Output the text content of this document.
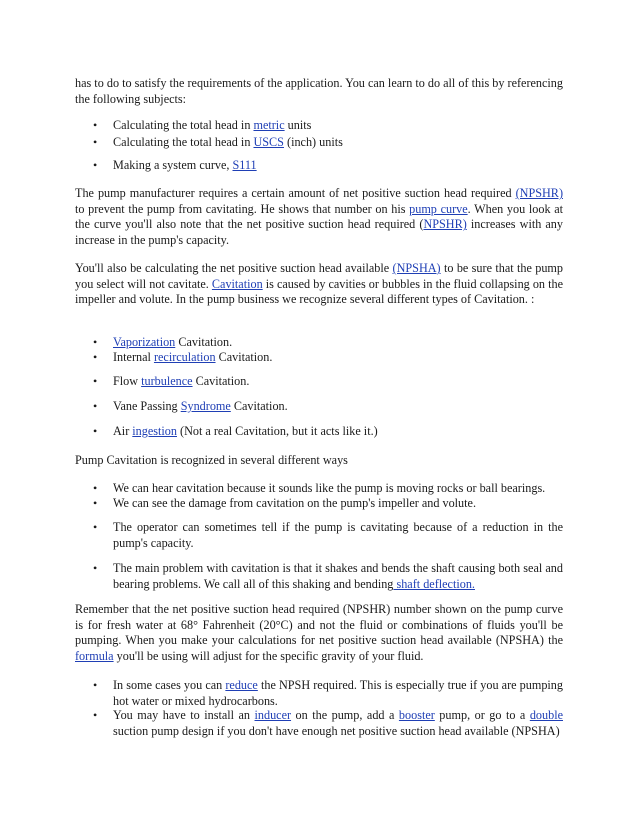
has to do to satisfy the requirements of the application. You can learn to do all of this by referencing the following subjects:

• Calculating the total head in metric units

• Calculating the total head in USCS (inch) units

• Making a system curve, S111

The pump manufacturer requires a certain amount of net positive suction head required (NPSHR) to prevent the pump from cavitating. He shows that number on his pump curve. When you look at the curve you'll also note that the net positive suction head required (NPSHR) increases with any increase in the pump's capacity.

You'll also be calculating the net positive suction head available (NPSHA) to be sure that the pump you select will not cavitate. Cavitation is caused by cavities or bubbles in the fluid collapsing on the impeller and volute. In the pump business we recognize several different types of Cavitation. :

• Vaporization Cavitation.

• Internal recirculation Cavitation.

• Flow turbulence Cavitation.

• Vane Passing Syndrome Cavitation.

• Air ingestion (Not a real Cavitation, but it acts like it.)

Pump Cavitation is recognized in several different ways

• We can hear cavitation because it sounds like the pump is moving rocks or ball bearings.

• We can see the damage from cavitation on the pump's impeller and volute.

• The operator can sometimes tell if the pump is cavitating because of a reduction in the pump's capacity.

• The main problem with cavitation is that it shakes and bends the shaft causing both seal and bearing problems. We call all of this shaking and bending shaft deflection.

Remember that the net positive suction head required (NPSHR) number shown on the pump curve is for fresh water at 68° Fahrenheit (20°C) and not the fluid or combinations of fluids you'll be pumping. When you make your calculations for net positive suction head available (NPSHA) the formula you'll be using will adjust for the specific gravity of your fluid.

• In some cases you can reduce the NPSH required. This is especially true if you are pumping hot water or mixed hydrocarbons.

• You may have to install an inducer on the pump, add a booster pump, or go to a double suction pump design if you don't have enough net positive suction head available (NPSHA)
